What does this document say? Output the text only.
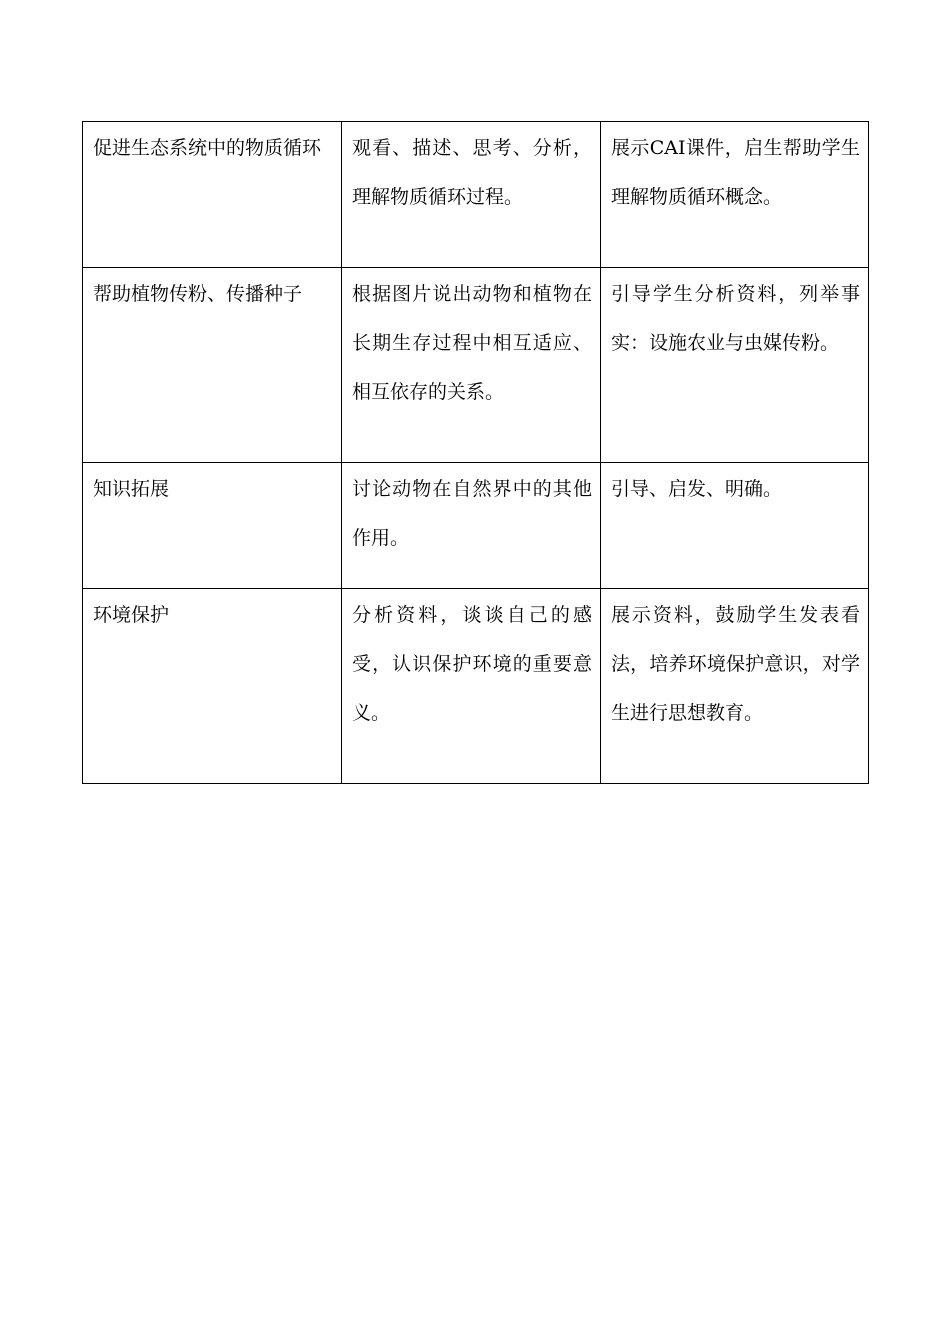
促进生态系统中的物质循环	观看、描述、思考、分析，理解物质循环过程。	展示CAI课件，启生帮助学生理解物质循环概念。
帮助植物传粉、传播种子	根据图片说出动物和植物在长期生存过程中相互适应、相互依存的关系。	引导学生分析资料，列举事实：设施农业与虫媒传粉。
知识拓展	讨论动物在自然界中的其他作用。	引导、启发、明确。
环境保护	分析资料，谈谈自己的感受，认识保护环境的重要意义。	展示资料，鼓励学生发表看法，培养环境保护意识，对学生进行思想教育。
